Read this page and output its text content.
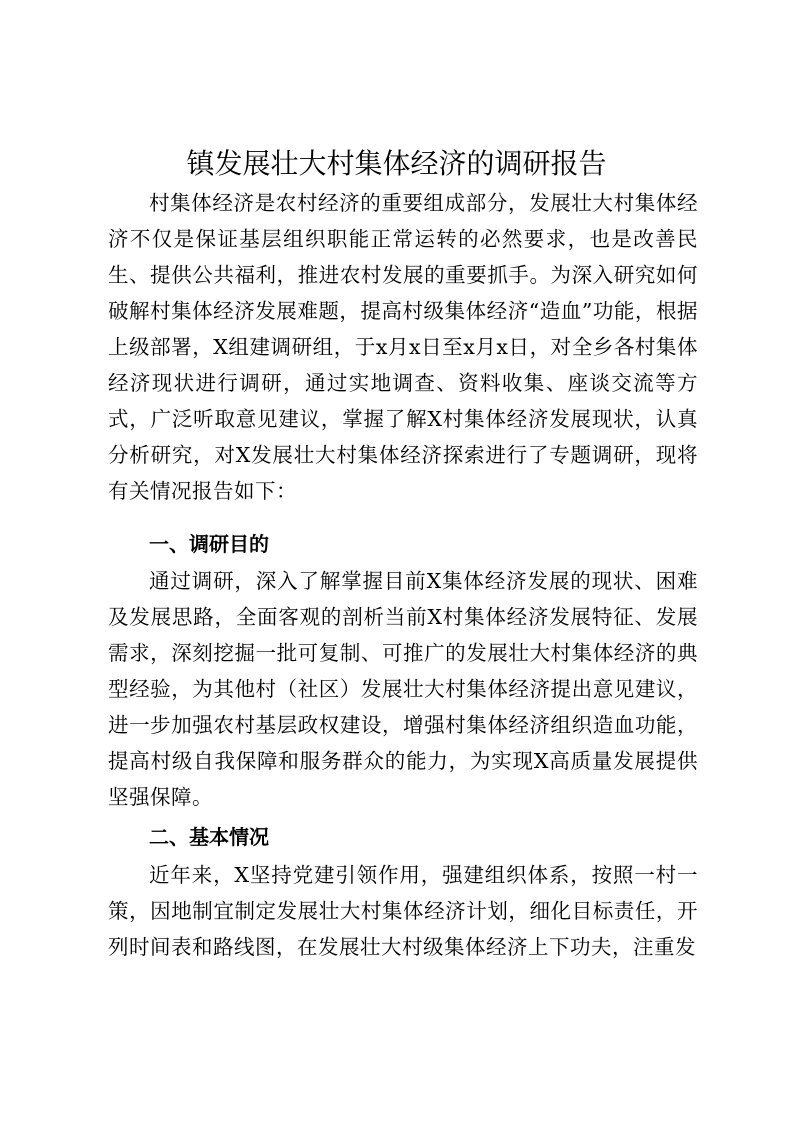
镇发展壮大村集体经济的调研报告

村集体经济是农村经济的重要组成部分，发展壮大村集体经济不仅是保证基层组织职能正常运转的必然要求，也是改善民生、提供公共福利，推进农村发展的重要抓手。为深入研究如何破解村集体经济发展难题，提高村级集体经济“造血”功能，根据上级部署，X组建调研组，于x月x日至x月x日，对全乡各村集体经济现状进行调研，通过实地调查、资料收集、座谈交流等方式，广泛听取意见建议，掌握了解X村集体经济发展现状，认真分析研究，对X发展壮大村集体经济探索进行了专题调研，现将有关情况报告如下：

一、调研目的

通过调研，深入了解掌握目前X集体经济发展的现状、困难及发展思路，全面客观的剖析当前X村集体经济发展特征、发展需求，深刻挖掘一批可复制、可推广的发展壮大村集体经济的典型经验，为其他村（社区）发展壮大村集体经济提出意见建议，进一步加强农村基层政权建设，增强村集体经济组织造血功能，提高村级自我保障和服务群众的能力，为实现X高质量发展提供坚强保障。

二、基本情况

近年来，X坚持党建引领作用，强建组织体系，按照一村一策，因地制宜制定发展壮大村集体经济计划，细化目标责任，开列时间表和路线图，在发展壮大村级集体经济上下功夫，注重发
